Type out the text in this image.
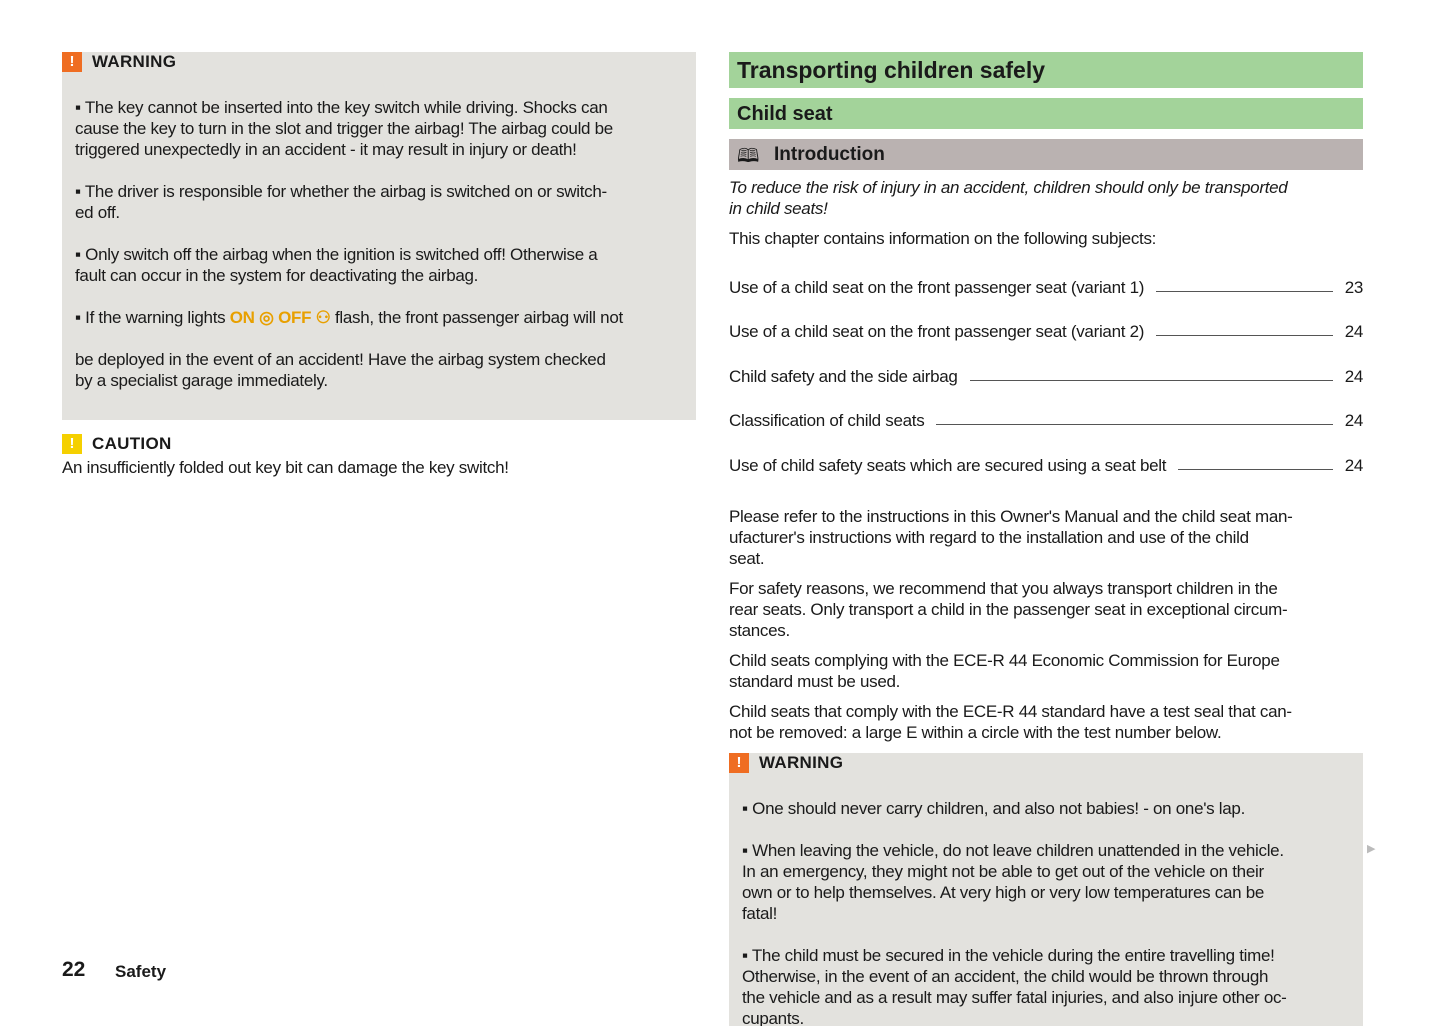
! WARNING

▪ The key cannot be inserted into the key switch while driving. Shocks can
cause the key to turn in the slot and trigger the airbag! The airbag could be
triggered unexpectedly in an accident - it may result in injury or death!

▪ The driver is responsible for whether the airbag is switched on or switch-
ed off.

▪ Only switch off the airbag when the ignition is switched off! Otherwise a
fault can occur in the system for deactivating the airbag.

▪ If the warning lights ON ◎ OFF ⚇ flash, the front passenger airbag will not

be deployed in the event of an accident! Have the airbag system checked
by a specialist garage immediately.

! CAUTION
An insufficiently folded out key bit can damage the key switch!
Transporting children safely
Child seat
🕮 Introduction
To reduce the risk of injury in an accident, children should only be transported
in child seats!
This chapter contains information on the following subjects:

Use of a child seat on the front passenger seat (variant 1)	23

Use of a child seat on the front passenger seat (variant 2)	24

Child safety and the side airbag	24

Classification of child seats	24

Use of child safety seats which are secured using a seat belt	24

Please refer to the instructions in this Owner's Manual and the child seat man-
ufacturer's instructions with regard to the installation and use of the child
seat.
For safety reasons, we recommend that you always transport children in the
rear seats. Only transport a child in the passenger seat in exceptional circum-
stances.
Child seats complying with the ECE-R 44 Economic Commission for Europe
standard must be used.
Child seats that comply with the ECE-R 44 standard have a test seal that can-
not be removed: a large E within a circle with the test number below.
! WARNING

▪ One should never carry children, and also not babies! - on one's lap.

▪ When leaving the vehicle, do not leave children unattended in the vehicle.
In an emergency, they might not be able to get out of the vehicle on their
own or to help themselves. At very high or very low temperatures can be
fatal!

▪ The child must be secured in the vehicle during the entire travelling time!
Otherwise, in the event of an accident, the child would be thrown through
the vehicle and as a result may suffer fatal injuries, and also injure other oc-
cupants.

▶
22 Safety
